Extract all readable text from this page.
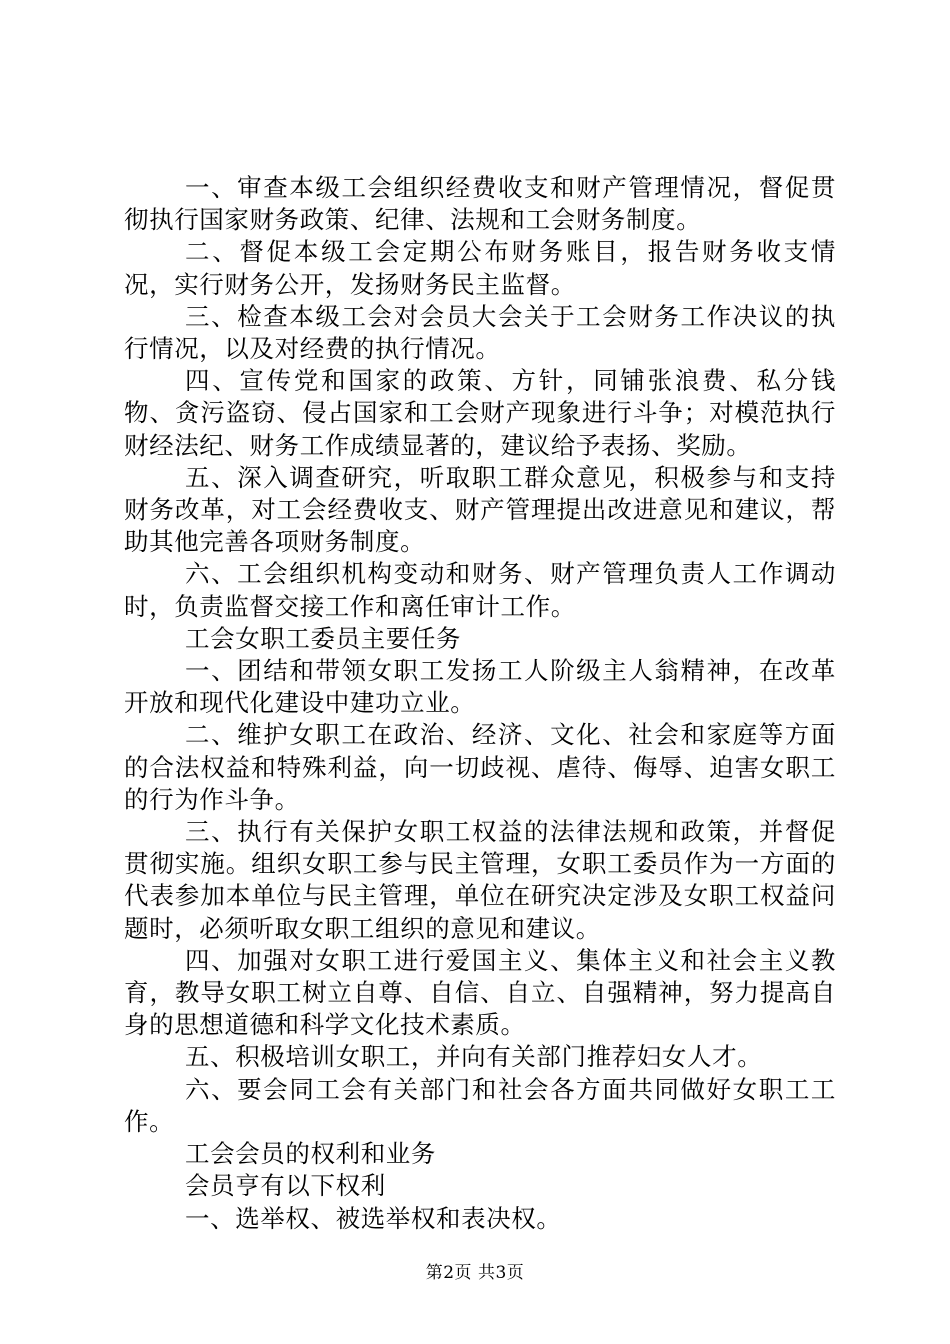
一、审查本级工会组织经费收支和财产管理情况，督促贯彻执行国家财务政策、纪律、法规和工会财务制度。

二、督促本级工会定期公布财务账目，报告财务收支情况，实行财务公开，发扬财务民主监督。

三、检查本级工会对会员大会关于工会财务工作决议的执行情况，以及对经费的执行情况。

四、宣传党和国家的政策、方针，同铺张浪费、私分钱物、贪污盗窃、侵占国家和工会财产现象进行斗争；对模范执行财经法纪、财务工作成绩显著的，建议给予表扬、奖励。

五、深入调查研究，听取职工群众意见，积极参与和支持财务改革，对工会经费收支、财产管理提出改进意见和建议，帮助其他完善各项财务制度。

六、工会组织机构变动和财务、财产管理负责人工作调动时，负责监督交接工作和离任审计工作。

工会女职工委员主要任务

一、团结和带领女职工发扬工人阶级主人翁精神，在改革开放和现代化建设中建功立业。

二、维护女职工在政治、经济、文化、社会和家庭等方面的合法权益和特殊利益，向一切歧视、虐待、侮辱、迫害女职工的行为作斗争。

三、执行有关保护女职工权益的法律法规和政策，并督促贯彻实施。组织女职工参与民主管理，女职工委员作为一方面的代表参加本单位与民主管理，单位在研究决定涉及女职工权益问题时，必须听取女职工组织的意见和建议。

四、加强对女职工进行爱国主义、集体主义和社会主义教育，教导女职工树立自尊、自信、自立、自强精神，努力提高自身的思想道德和科学文化技术素质。

五、积极培训女职工，并向有关部门推荐妇女人才。

六、要会同工会有关部门和社会各方面共同做好女职工工作。

工会会员的权利和业务

会员亨有以下权利

一、选举权、被选举权和表决权。

第2页 共3页
